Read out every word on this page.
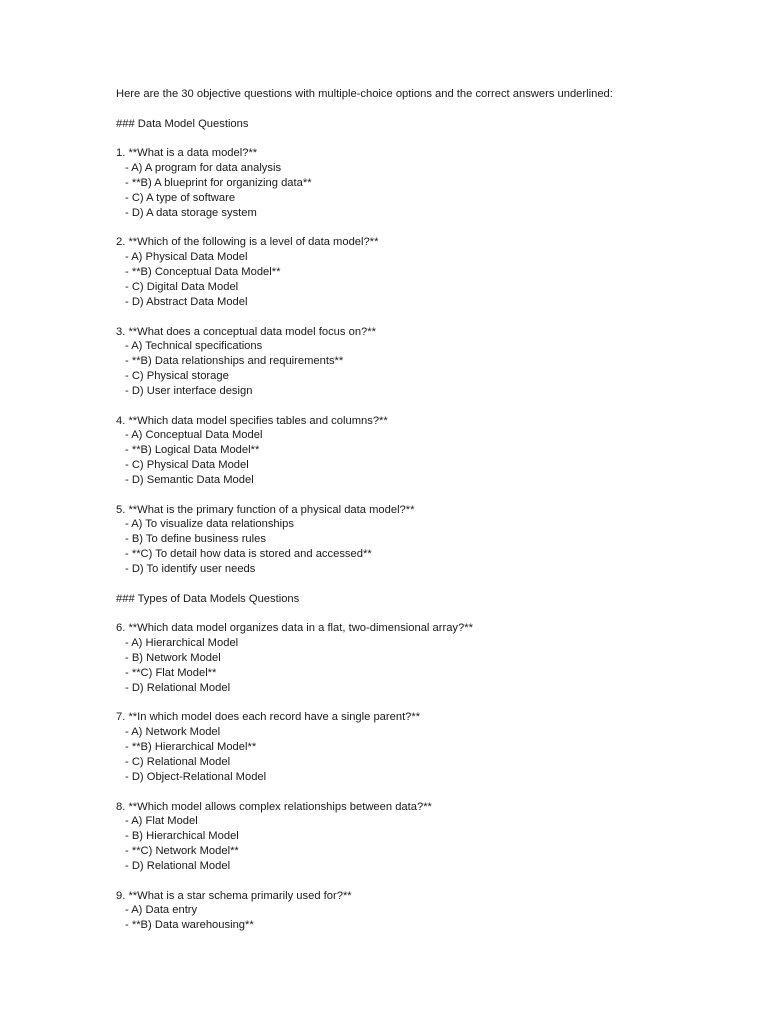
Here are the 30 objective questions with multiple-choice options and the correct answers underlined:
### Data Model Questions
1. **What is a data model?**
- A) A program for data analysis
- **B) A blueprint for organizing data**
- C) A type of software
- D) A data storage system
2. **Which of the following is a level of data model?**
- A) Physical Data Model
- **B) Conceptual Data Model**
- C) Digital Data Model
- D) Abstract Data Model
3. **What does a conceptual data model focus on?**
- A) Technical specifications
- **B) Data relationships and requirements**
- C) Physical storage
- D) User interface design
4. **Which data model specifies tables and columns?**
- A) Conceptual Data Model
- **B) Logical Data Model**
- C) Physical Data Model
- D) Semantic Data Model
5. **What is the primary function of a physical data model?**
- A) To visualize data relationships
- B) To define business rules
- **C) To detail how data is stored and accessed**
- D) To identify user needs
### Types of Data Models Questions
6. **Which data model organizes data in a flat, two-dimensional array?**
- A) Hierarchical Model
- B) Network Model
- **C) Flat Model**
- D) Relational Model
7. **In which model does each record have a single parent?**
- A) Network Model
- **B) Hierarchical Model**
- C) Relational Model
- D) Object-Relational Model
8. **Which model allows complex relationships between data?**
- A) Flat Model
- B) Hierarchical Model
- **C) Network Model**
- D) Relational Model
9. **What is a star schema primarily used for?**
- A) Data entry
- **B) Data warehousing**
